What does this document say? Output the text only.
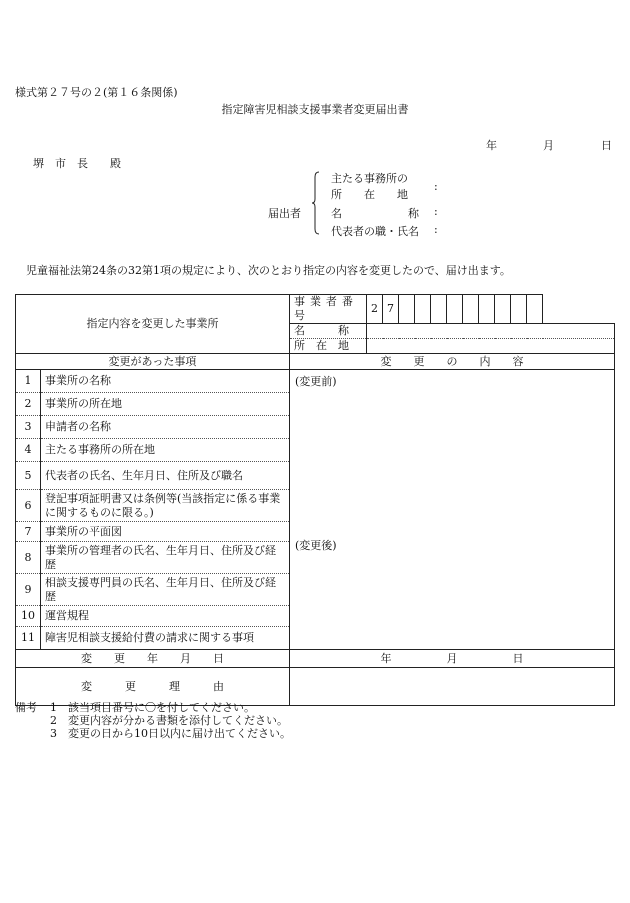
様式第２７号の２(第１６条関係)
指定障害児相談支援事業者変更届出書
年	月	日
堺　市　長　　殿
届出者
主たる事務所の
所　　在　　地
:
名　　　　　　称 :
代表者の職・氏名 :
児童福祉法第24条の32第1項の規定により、次のとおり指定の内容を変更したので、届け出ます。
指定内容を変更した事業所		事業者番号	2	7										
		名　　　称												
		所　在　地												
変更があった事項		変　　更　　の　　内　　容												
1	事業所の名称	(変更前)
(変更後)												

2	事業所の所在地													
3	申請者の名称													
4	主たる事務所の所在地													
5	代表者の氏名、生年月日、住所及び職名													
6	登記事項証明書又は条例等(当該指定に係る事業に関するものに限る。)													
7	事業所の平面図													
8	事業所の管理者の氏名、生年月日、住所及び経歴													
9	相談支援専門員の氏名、生年月日、住所及び経歴													
10	運営規程													
11	障害児相談支援給付費の請求に関する事項													
変　　更　　年　　月　　日		年　　　　　月　　　　　日												
変　　　更　　　理　　　由														
備考 1　該当項目番号に〇を付してください。
2　変更内容が分かる書類を添付してください。
3　変更の日から10日以内に届け出てください。
